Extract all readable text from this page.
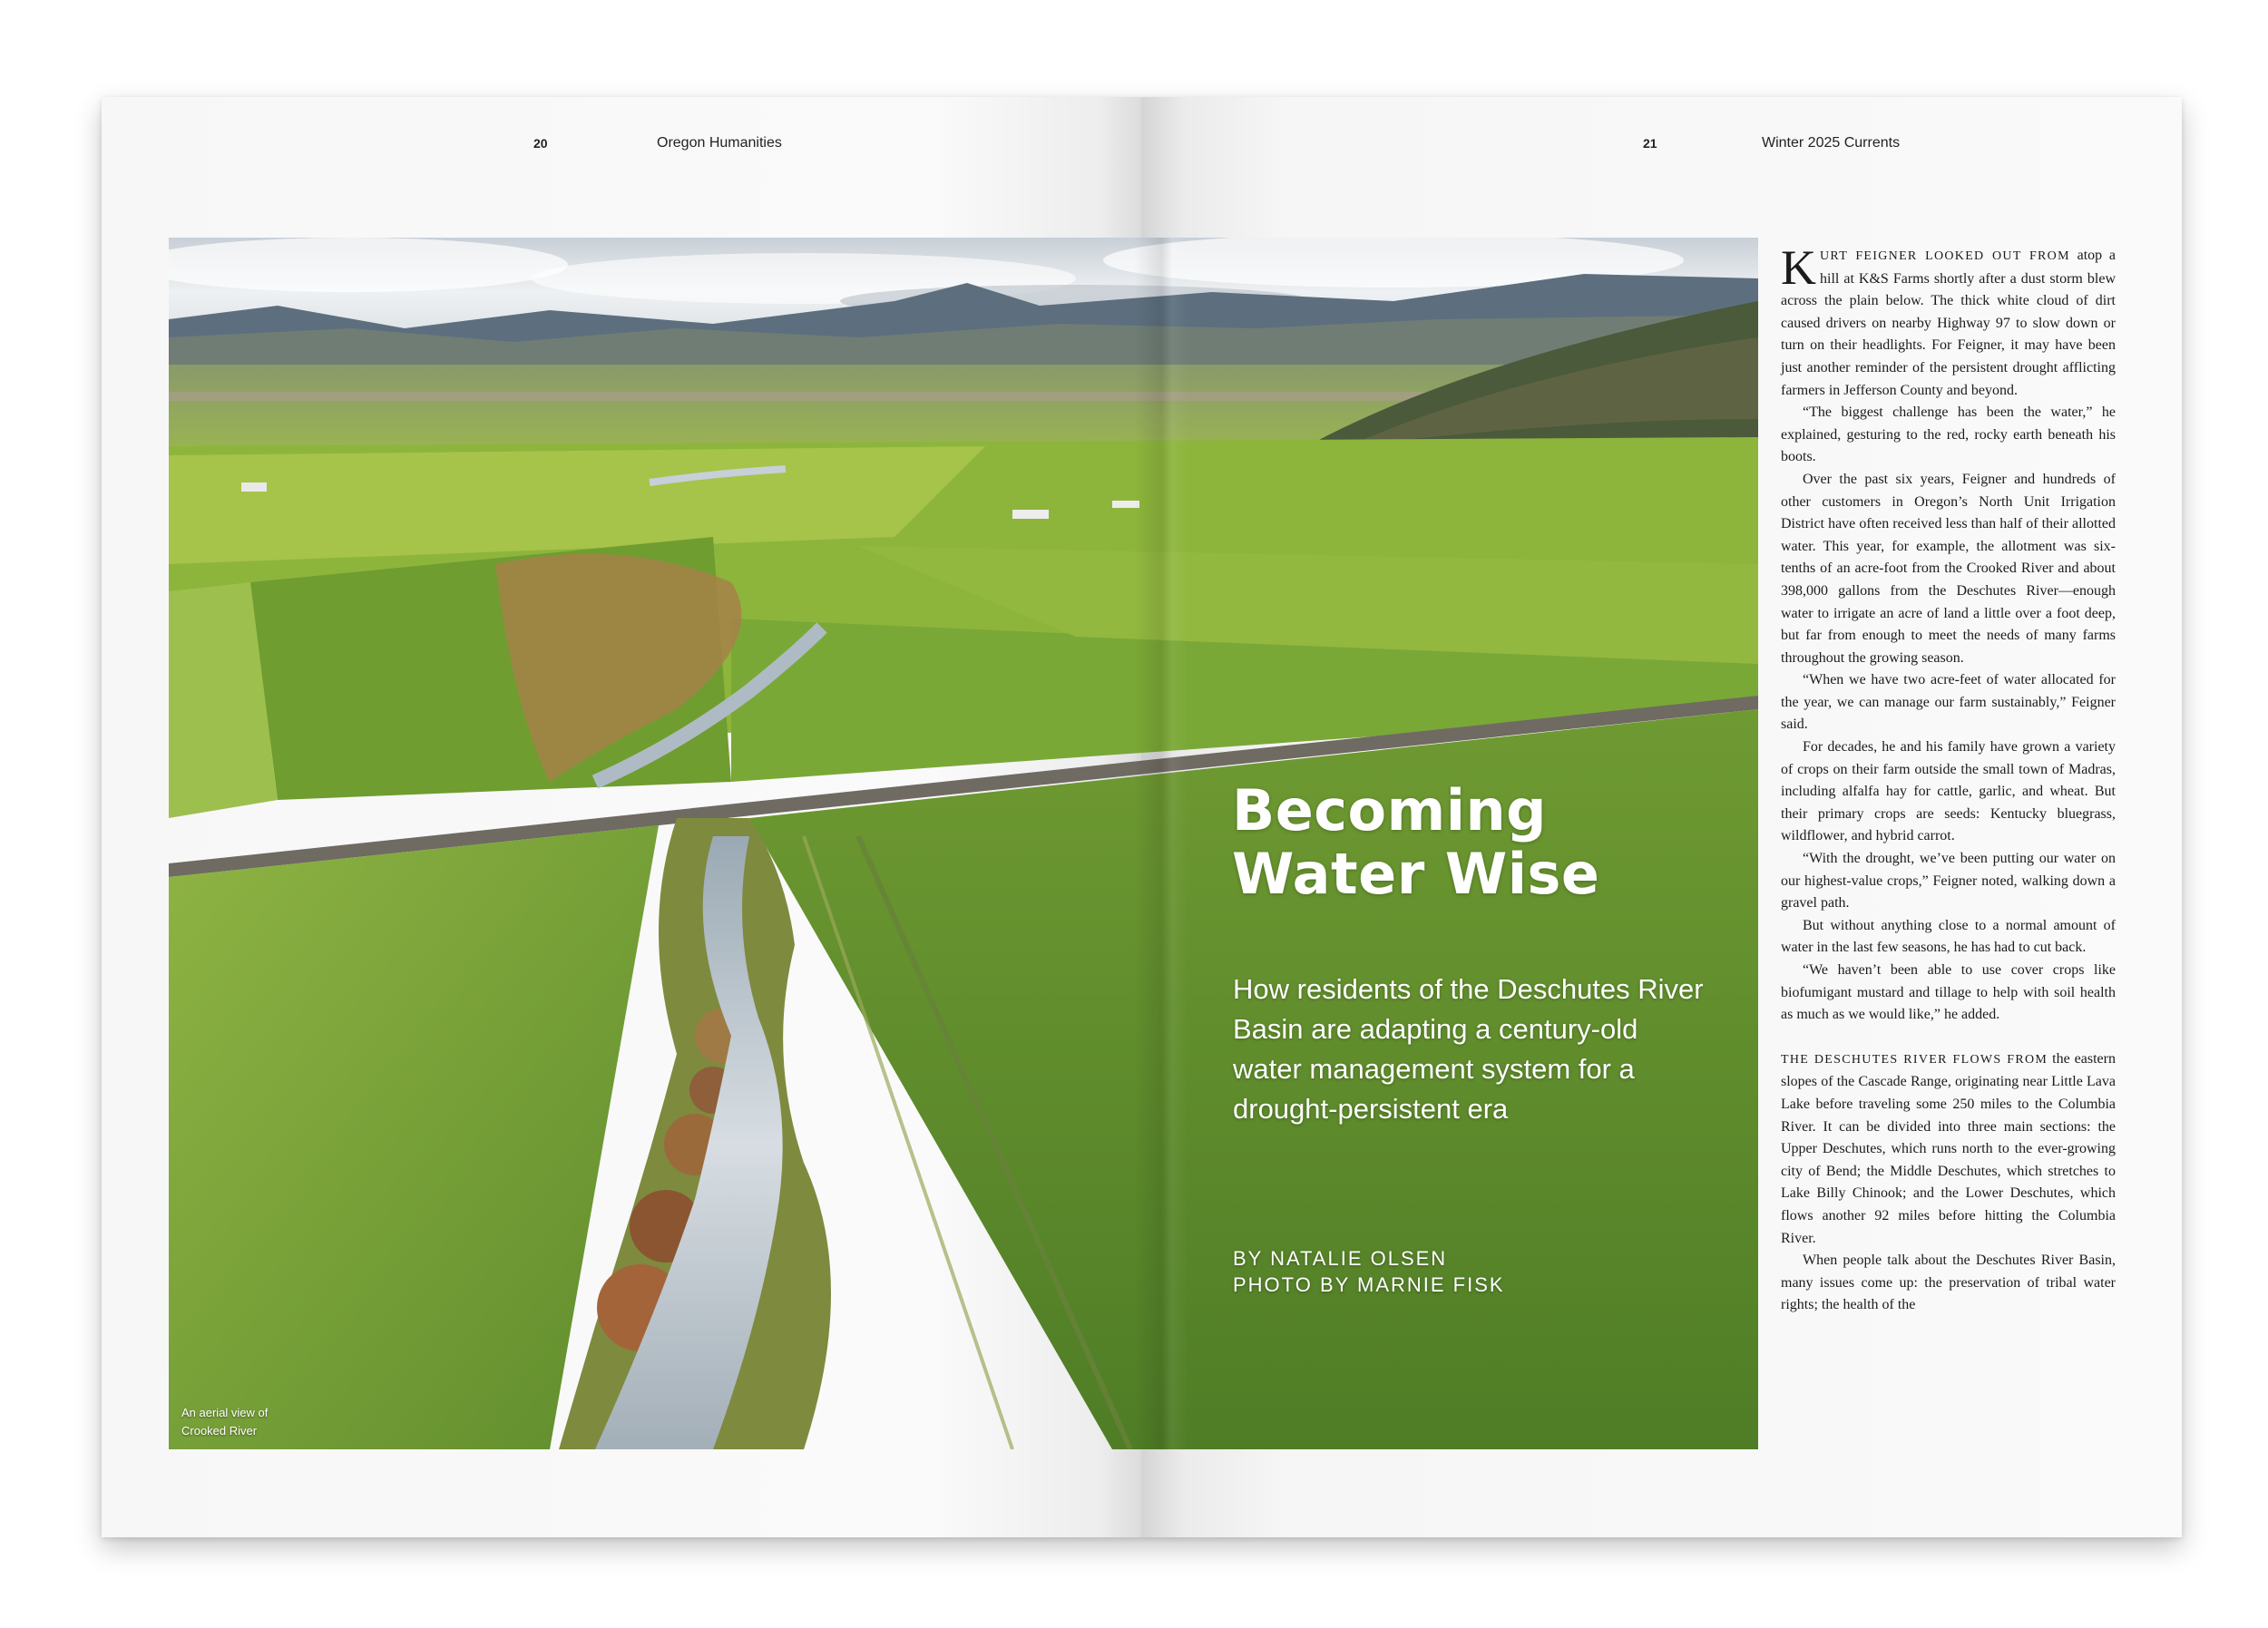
20	Oregon Humanities	21	Winter 2025 Currents
An aerial view of
Crooked River
Becoming
Water Wise
How residents of the Deschutes River Basin are adapting a century-old water management system for a drought-persistent era
BY NATALIE OLSEN
PHOTO BY MARNIE FISK

KURT FEIGNER LOOKED OUT FROM atop a hill at K&S Farms shortly after a dust storm blew across the plain below. The thick white cloud of dirt caused drivers on nearby Highway 97 to slow down or turn on their headlights. For Feigner, it may have been just another reminder of the persistent drought afflicting farmers in Jefferson County and beyond.

“The biggest challenge has been the water,” he explained, gesturing to the red, rocky earth beneath his boots.

Over the past six years, Feigner and hundreds of other customers in Oregon’s North Unit Irrigation District have often received less than half of their allotted water. This year, for example, the allotment was six-tenths of an acre-foot from the Crooked River and about 398,000 gallons from the Deschutes River—enough water to irrigate an acre of land a little over a foot deep, but far from enough to meet the needs of many farms throughout the growing season.

“When we have two acre-feet of water allocated for the year, we can manage our farm sustainably,” Feigner said.

For decades, he and his family have grown a variety of crops on their farm outside the small town of Madras, including alfalfa hay for cattle, garlic, and wheat. But their primary crops are seeds: Kentucky bluegrass, wildflower, and hybrid carrot.

“With the drought, we’ve been putting our water on our highest-value crops,” Feigner noted, walking down a gravel path.

But without anything close to a normal amount of water in the last few seasons, he has had to cut back.

“We haven’t been able to use cover crops like biofumigant mustard and tillage to help with soil health as much as we would like,” he added.

THE DESCHUTES RIVER FLOWS FROM the eastern slopes of the Cascade Range, originating near Little Lava Lake before traveling some 250 miles to the Columbia River. It can be divided into three main sections: the Upper Deschutes, which runs north to the ever-growing city of Bend; the Middle Deschutes, which stretches to Lake Billy Chinook; and the Lower Deschutes, which flows another 92 miles before hitting the Columbia River.

When people talk about the Deschutes River Basin, many issues come up: the preservation of tribal water rights; the health of the
